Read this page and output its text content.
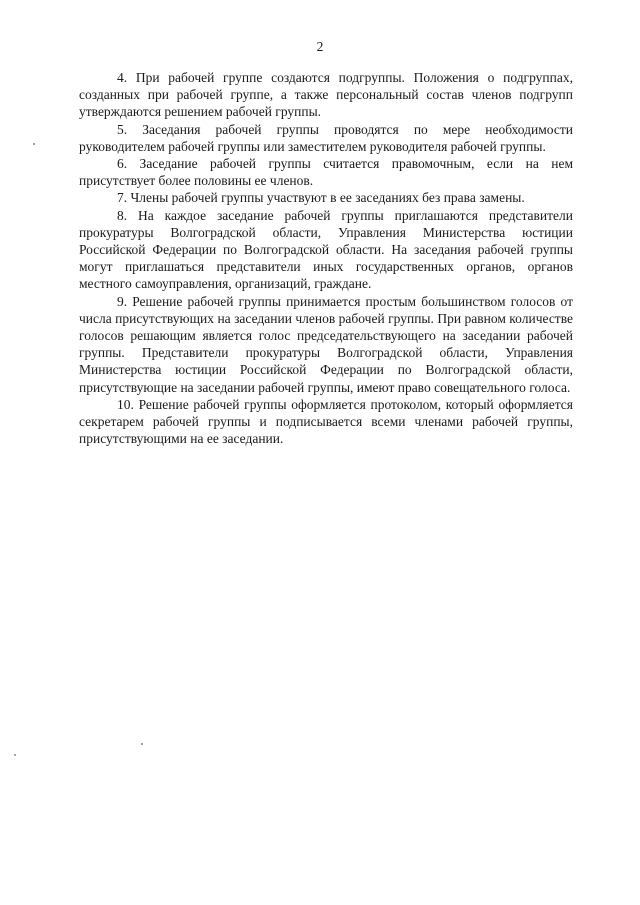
2

4. При рабочей группе создаются подгруппы. Положения о подгруппах, созданных при рабочей группе, а также персональный состав членов подгрупп утверждаются решением рабочей группы.

5. Заседания рабочей группы проводятся по мере необходимости руководителем рабочей группы или заместителем руководителя рабочей группы.

6. Заседание рабочей группы считается правомочным, если на нем присутствует более половины ее членов.

7. Члены рабочей группы участвуют в ее заседаниях без права замены.

8. На каждое заседание рабочей группы приглашаются представители прокуратуры Волгоградской области, Управления Министерства юстиции Российской Федерации по Волгоградской области. На заседания рабочей группы могут приглашаться представители иных государственных органов, органов местного самоуправления, организаций, граждане.

9. Решение рабочей группы принимается простым большинством голосов от числа присутствующих на заседании членов рабочей группы. При равном количестве голосов решающим является голос председательствующего на заседании рабочей группы. Представители прокуратуры Волгоградской области, Управления Министерства юстиции Российской Федерации по Волгоградской области, присутствующие на заседании рабочей группы, имеют право совещательного голоса.

10. Решение рабочей группы оформляется протоколом, который оформляется секретарем рабочей группы и подписывается всеми членами рабочей группы, присутствующими на ее заседании.
